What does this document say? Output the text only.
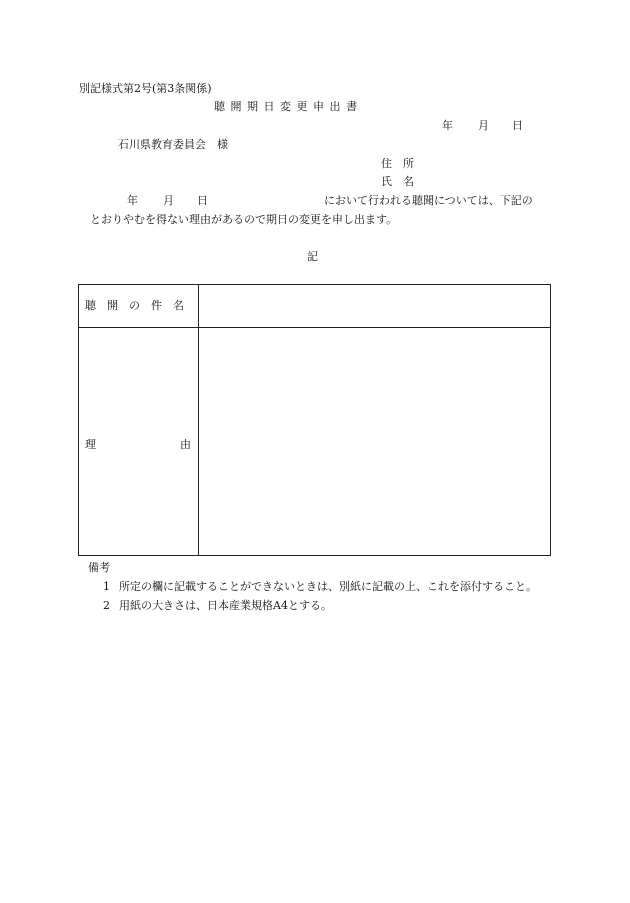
別記様式第2号(第3条関係)
聴 開 期 日 変 更 申 出 書
年 月 日
石川県教育委員会　様
住　所
氏　名
年 月 日	において行われる聴聞については、下記の
とおりやむを得ない理由があるので期日の変更を申し出ます。
記
聴　開　の　件　名
理	由
備考
1 所定の欄に記載することができないときは、別紙に記載の上、これを添付すること。
2 用紙の大きさは、日本産業規格A4とする。
